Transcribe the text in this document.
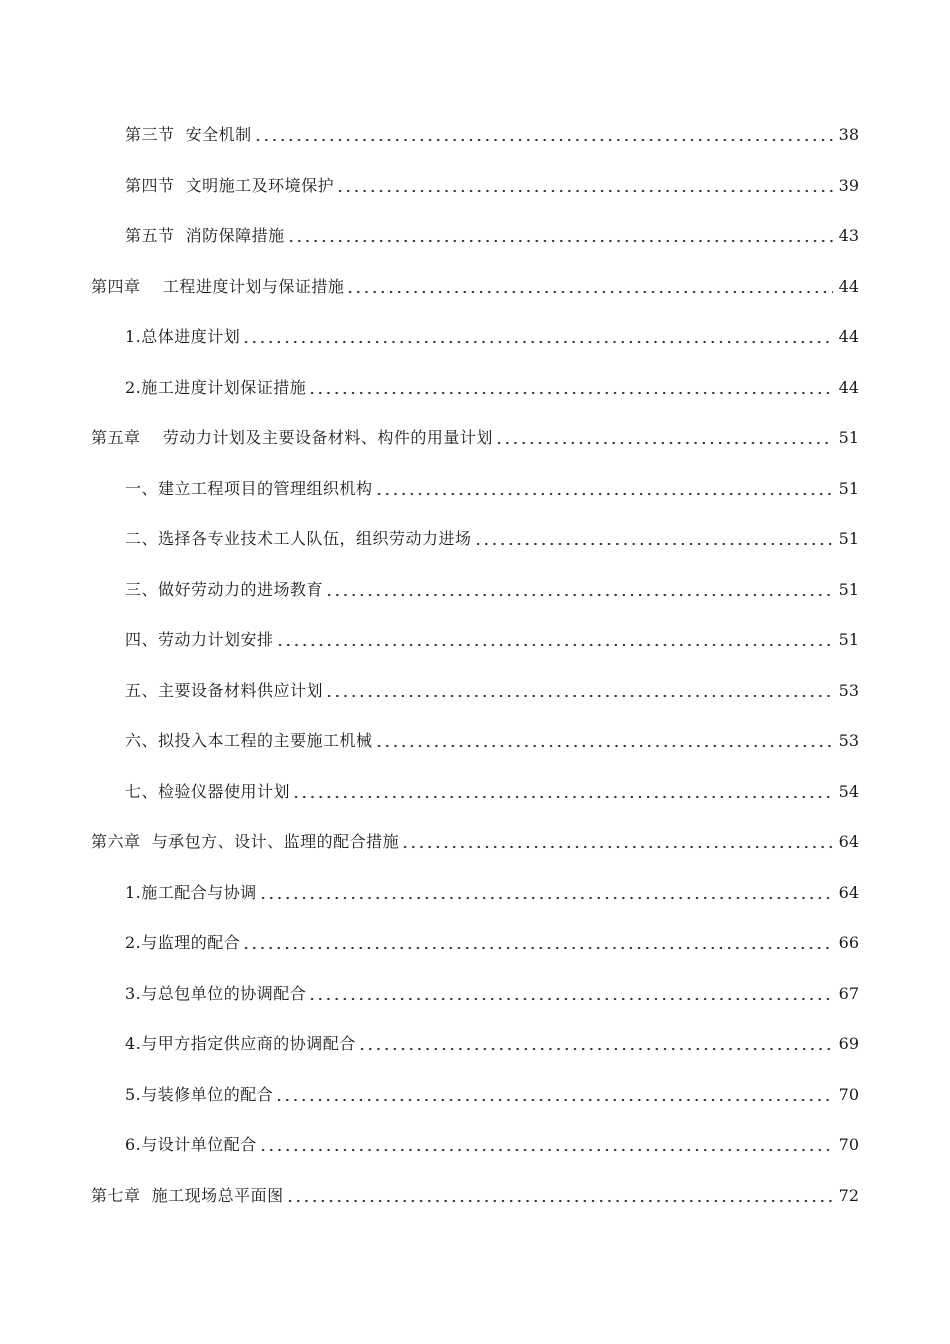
第三节  安全机制	38
第四节  文明施工及环境保护	39
第五节  消防保障措施	43
第四章    工程进度计划与保证措施	44
1.总体进度计划	44
2.施工进度计划保证措施	44
第五章    劳动力计划及主要设备材料、构件的用量计划	51
一、建立工程项目的管理组织机构	51
二、选择各专业技术工人队伍，组织劳动力进场	51
三、做好劳动力的进场教育	51
四、劳动力计划安排	51
五、主要设备材料供应计划	53
六、拟投入本工程的主要施工机械	53
七、检验仪器使用计划	54
第六章  与承包方、设计、监理的配合措施	64
1.施工配合与协调	64
2.与监理的配合	66
3.与总包单位的协调配合	67
4.与甲方指定供应商的协调配合	69
5.与装修单位的配合	70
6.与设计单位配合	70
第七章  施工现场总平面图	72
